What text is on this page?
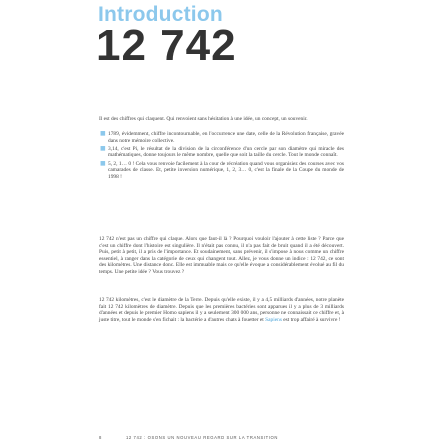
Introduction
12 742

Il est des chiffres qui claquent. Qui renvoient sans hésitation à une idée, un concept, un souvenir.

■ 1789, évidemment, chiffre incontournable, en l'occurrence une date, celle de la Révolution française, gravée dans notre mémoire collective.
■ 3,14, c'est Pi, le résultat de la division de la circonférence d'un cercle par son diamètre qui miracle des mathématiques, donne toujours le même nombre, quelle que soit la taille du cercle. Tout le monde connaît.
■ 5, 2, 1… 0 ! Cela vous renvoie facilement à la cour de récréation quand vous organisiez des courses avec vos camarades de classe. Et, petite inversion numérique, 1, 2, 3… 0, c'est la finale de la Coupe du monde de 1998 !

12 742 n'est pas un chiffre qui claque. Alors que faut-il là ? Pourquoi vouloir l'ajouter à cette liste ? Parce que c'est un chiffre dont l'histoire est singulière. Il n'était pas connu, il n'a pas fait de bruit quand il a été découvert. Puis, petit à petit, il a pris de l'importance. Et soudainement, sans prévenir, il s'impose à nous comme un chiffre essentiel, à ranger dans la catégorie de ceux qui changent tout. Allez, je vous donne un indice : 12 742, ce sont des kilomètres. Une distance donc. Elle est immuable mais ce qu'elle évoque a considérablement évolué au fil du temps. Une petite idée ? Vous trouvez ?

12 742 kilomètres, c'est le diamètre de la Terre. Depuis qu'elle existe, il y a 4,5 milliards d'années, notre planète fait 12 742 kilomètres de diamètre. Depuis que les premières bactéries sont apparues il y a plus de 3 milliards d'années et depuis le premier Homo sapiens il y a seulement 300 000 ans, personne ne connaissait ce chiffre et, à juste titre, tout le monde s'en fichait : la bactérie a d'autres chats à fouetter et Sapiens est trop affairé à survivre !

8	12 742 : OSONS UN NOUVEAU REGARD SUR LA TRANSITION
